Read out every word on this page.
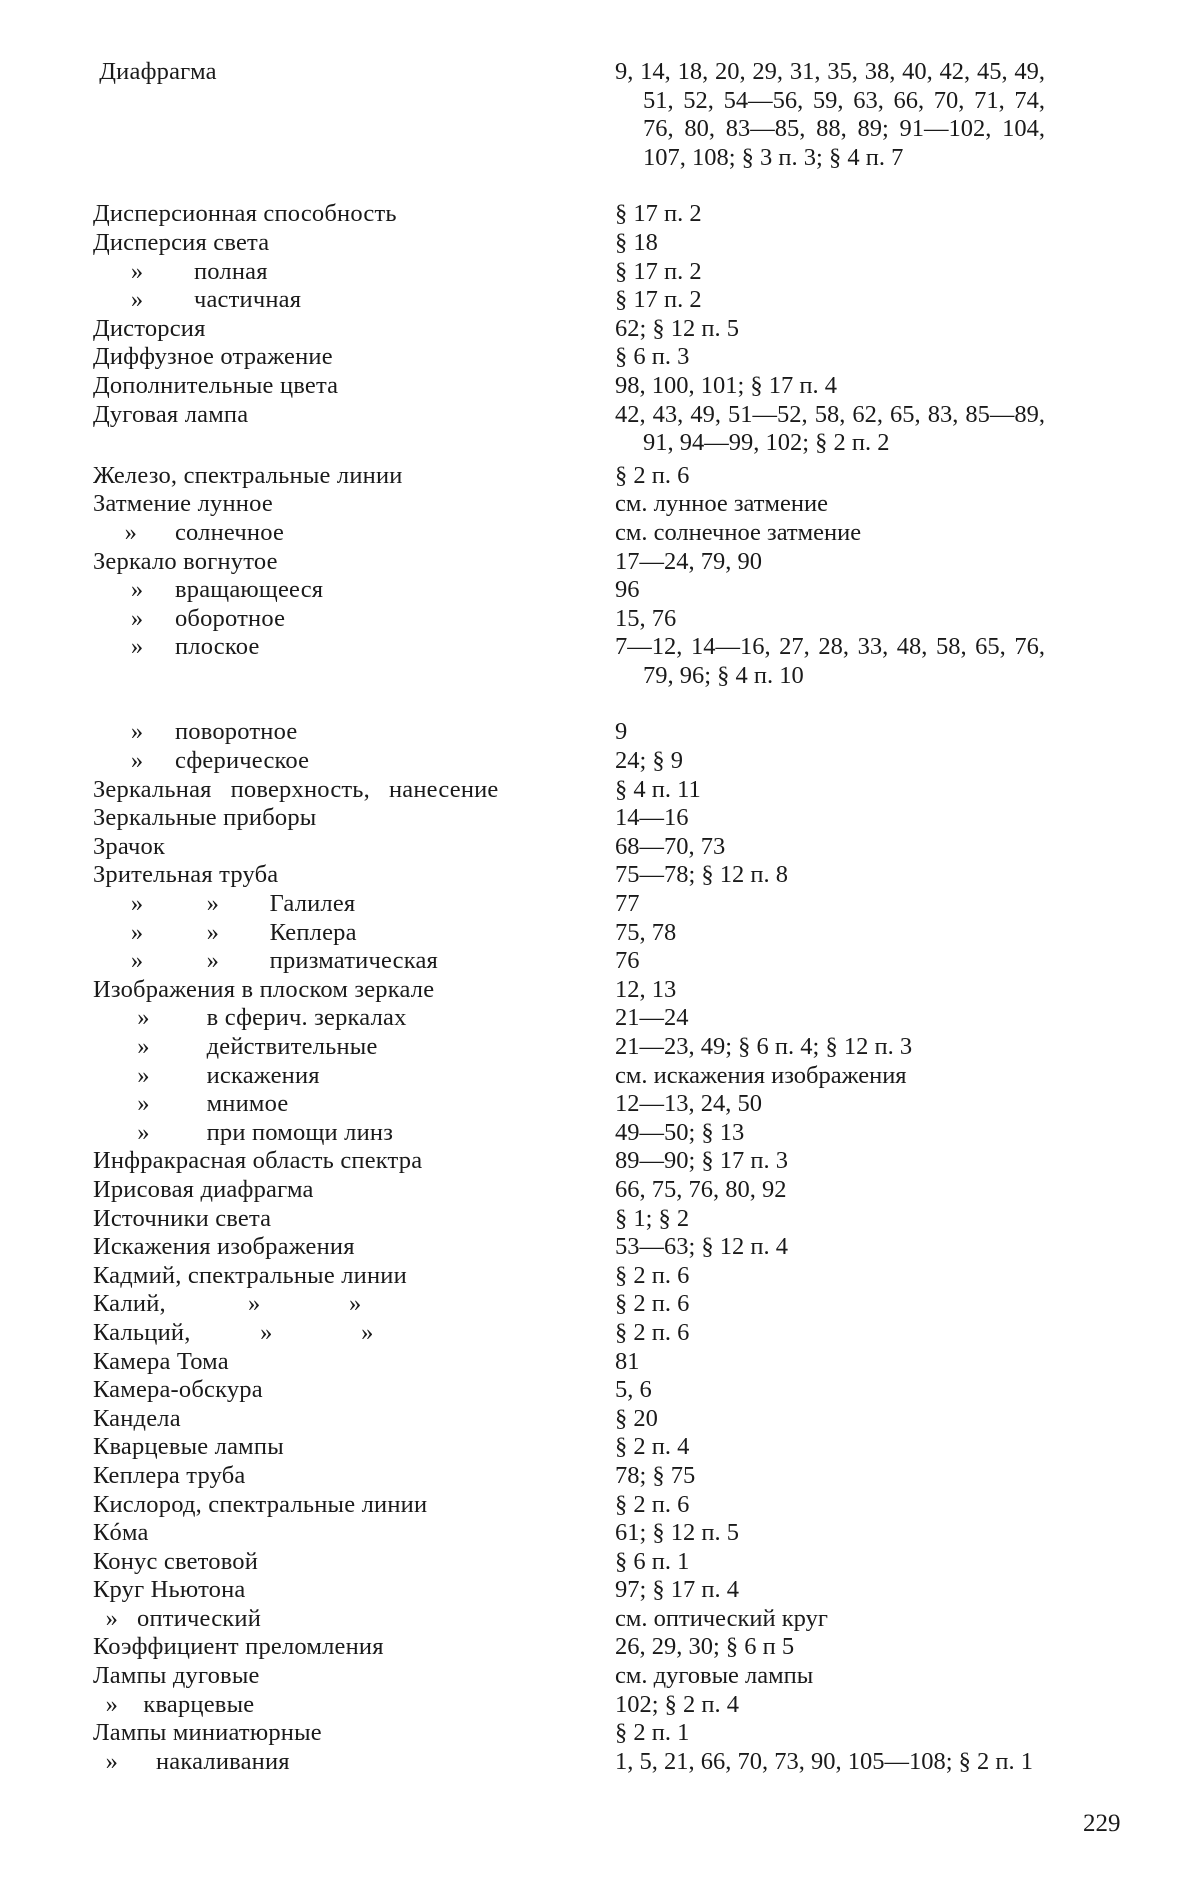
Диафрагма	9, 14, 18, 20, 29, 31, 35, 38, 40, 42, 45, 49, 51, 52, 54—56, 59, 63, 66, 70, 71, 74, 76, 80, 83—85, 88, 89; 91—102, 104, 107, 108; § 3 п. 3; § 4 п. 7
Дисперсионная способность	§ 17 п. 2
Дисперсия света	§ 18
»        полная	§ 17 п. 2
»        частичная	§ 17 п. 2
Дисторсия	62; § 12 п. 5
Диффузное отражение	§ 6 п. 3
Дополнительные цвета	98, 100, 101; § 17 п. 4
Дуговая лампа	42, 43, 49, 51—52, 58, 62, 65, 83, 85—89, 91, 94—99, 102; § 2 п. 2
Железо, спектральные линии	§ 2 п. 6
Затмение лунное	см. лунное затмение
»      солнечное	см. солнечное затмение
Зеркало вогнутое	17—24, 79, 90
»     вращающееся	96
»     оборотное	15, 76
»     плоское	7—12, 14—16, 27, 28, 33, 48, 58, 65, 76, 79, 96; § 4 п. 10
»     поворотное	9
»     сферическое	24; § 9
Зеркальная   поверхность,   нанесение	§ 4 п. 11
Зеркальные приборы	14—16
Зрачок	68—70, 73
Зрительная труба	75—78; § 12 п. 8
»          »        Галилея	77
»          »        Кеплера	75, 78
»          »        призматическая	76
Изображения в плоском зеркале	12, 13
»         в сферич. зеркалах	21—24
»         действительные	21—23, 49; § 6 п. 4; § 12 п. 3
»         искажения	см. искажения изображения
»         мнимое	12—13, 24, 50
»         при помощи линз	49—50; § 13
Инфракрасная область спектра	89—90; § 17 п. 3
Ирисовая диафрагма	66, 75, 76, 80, 92
Источники света	§ 1; § 2
Искажения изображения	53—63; § 12 п. 4
Кадмий, спектральные линии	§ 2 п. 6
Калий,             »              »	§ 2 п. 6
Кальций,           »              »	§ 2 п. 6
Камера Тома	81
Камера-обскура	5, 6
Кандела	§ 20
Кварцевые лампы	§ 2 п. 4
Кеплера труба	78; § 75
Кислород, спектральные линии	§ 2 п. 6
Кóма	61; § 12 п. 5
Конус световой	§ 6 п. 1
Круг Ньютона	97; § 17 п. 4
»   оптический	см. оптический круг
Коэффициент преломления	26, 29, 30; § 6 п 5
Лампы дуговые	см. дуговые лампы
»    кварцевые	102; § 2 п. 4
Лампы миниатюрные	§ 2 п. 1
»      накаливания	1, 5, 21, 66, 70, 73, 90, 105—108; § 2 п. 1
229
